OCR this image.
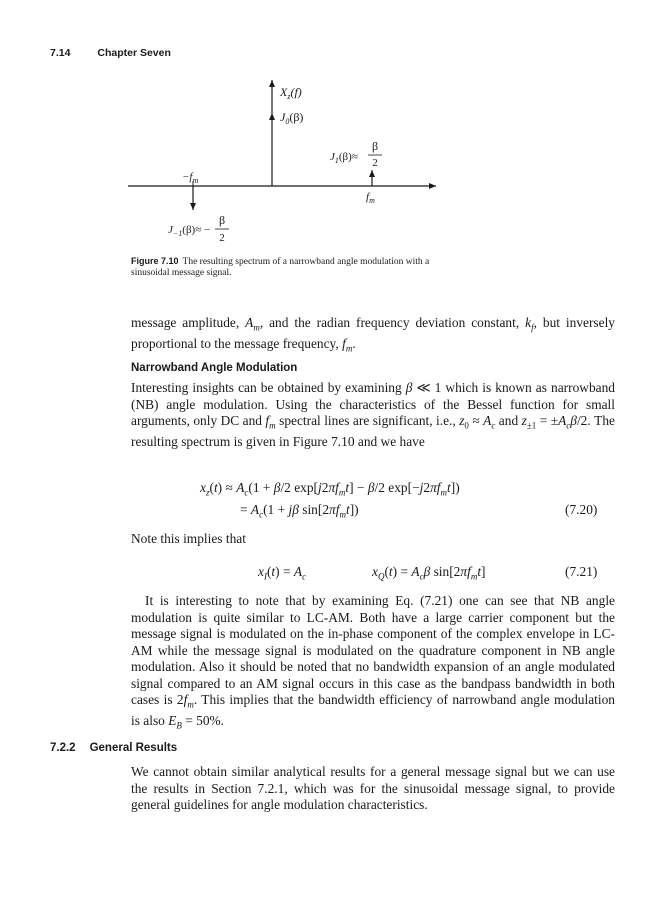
7.14	Chapter Seven
$X_z(f)$
$J_0(\beta)$
$J_1(\beta)\approx$
β
2
$-f_m$
$f_m$
$J_{-1}(\beta)\approx$ −
β
2
Figure 7.10 The resulting spectrum of a narrowband angle modulation with a sinusoidal message signal.
message amplitude, $A_m$, and the radian frequency deviation constant, $k_f$, but inversely proportional to the message frequency, $f_m$.
Narrowband Angle Modulation
Interesting insights can be obtained by examining β ≪ 1 which is known as narrowband (NB) angle modulation. Using the characteristics of the Bessel function for small arguments, only DC and $f_m$ spectral lines are significant, i.e., $z_0 \approx A_c$ and $z_{\pm 1} = \pm A_c\beta/2$. The resulting spectrum is given in Figure 7.10 and we have
$x_z(t) \approx A_c(1 + \beta/2$ $\exp[j2\pi f_mt] - \beta/2$ $\exp[-j2\pi f_mt]$)
= $A_c(1 + j\beta$ $\sin[2\pi f_mt]$)	(7.20)
Note this implies that
$x_I(t) = A_c$	$x_Q(t) = A_c\beta$ $\sin[2\pi f_mt]$	(7.21)
It is interesting to note that by examining Eq. (7.21) one can see that NB angle modulation is quite similar to LC-AM. Both have a large carrier component but the message signal is modulated on the in-phase component of the complex envelope in LC-AM while the message signal is modulated on the quadrature component in NB angle modulation. Also it should be noted that no bandwidth expansion of an angle modulated signal compared to an AM signal occurs in this case as the bandpass bandwidth in both cases is $2f_m$. This implies that the bandwidth efficiency of narrowband angle modulation is also $E_B = 50\%$.
7.2.2 General Results
We cannot obtain similar analytical results for a general message signal but we can use the results in Section 7.2.1, which was for the sinusoidal message signal, to provide general guidelines for angle modulation characteristics.
